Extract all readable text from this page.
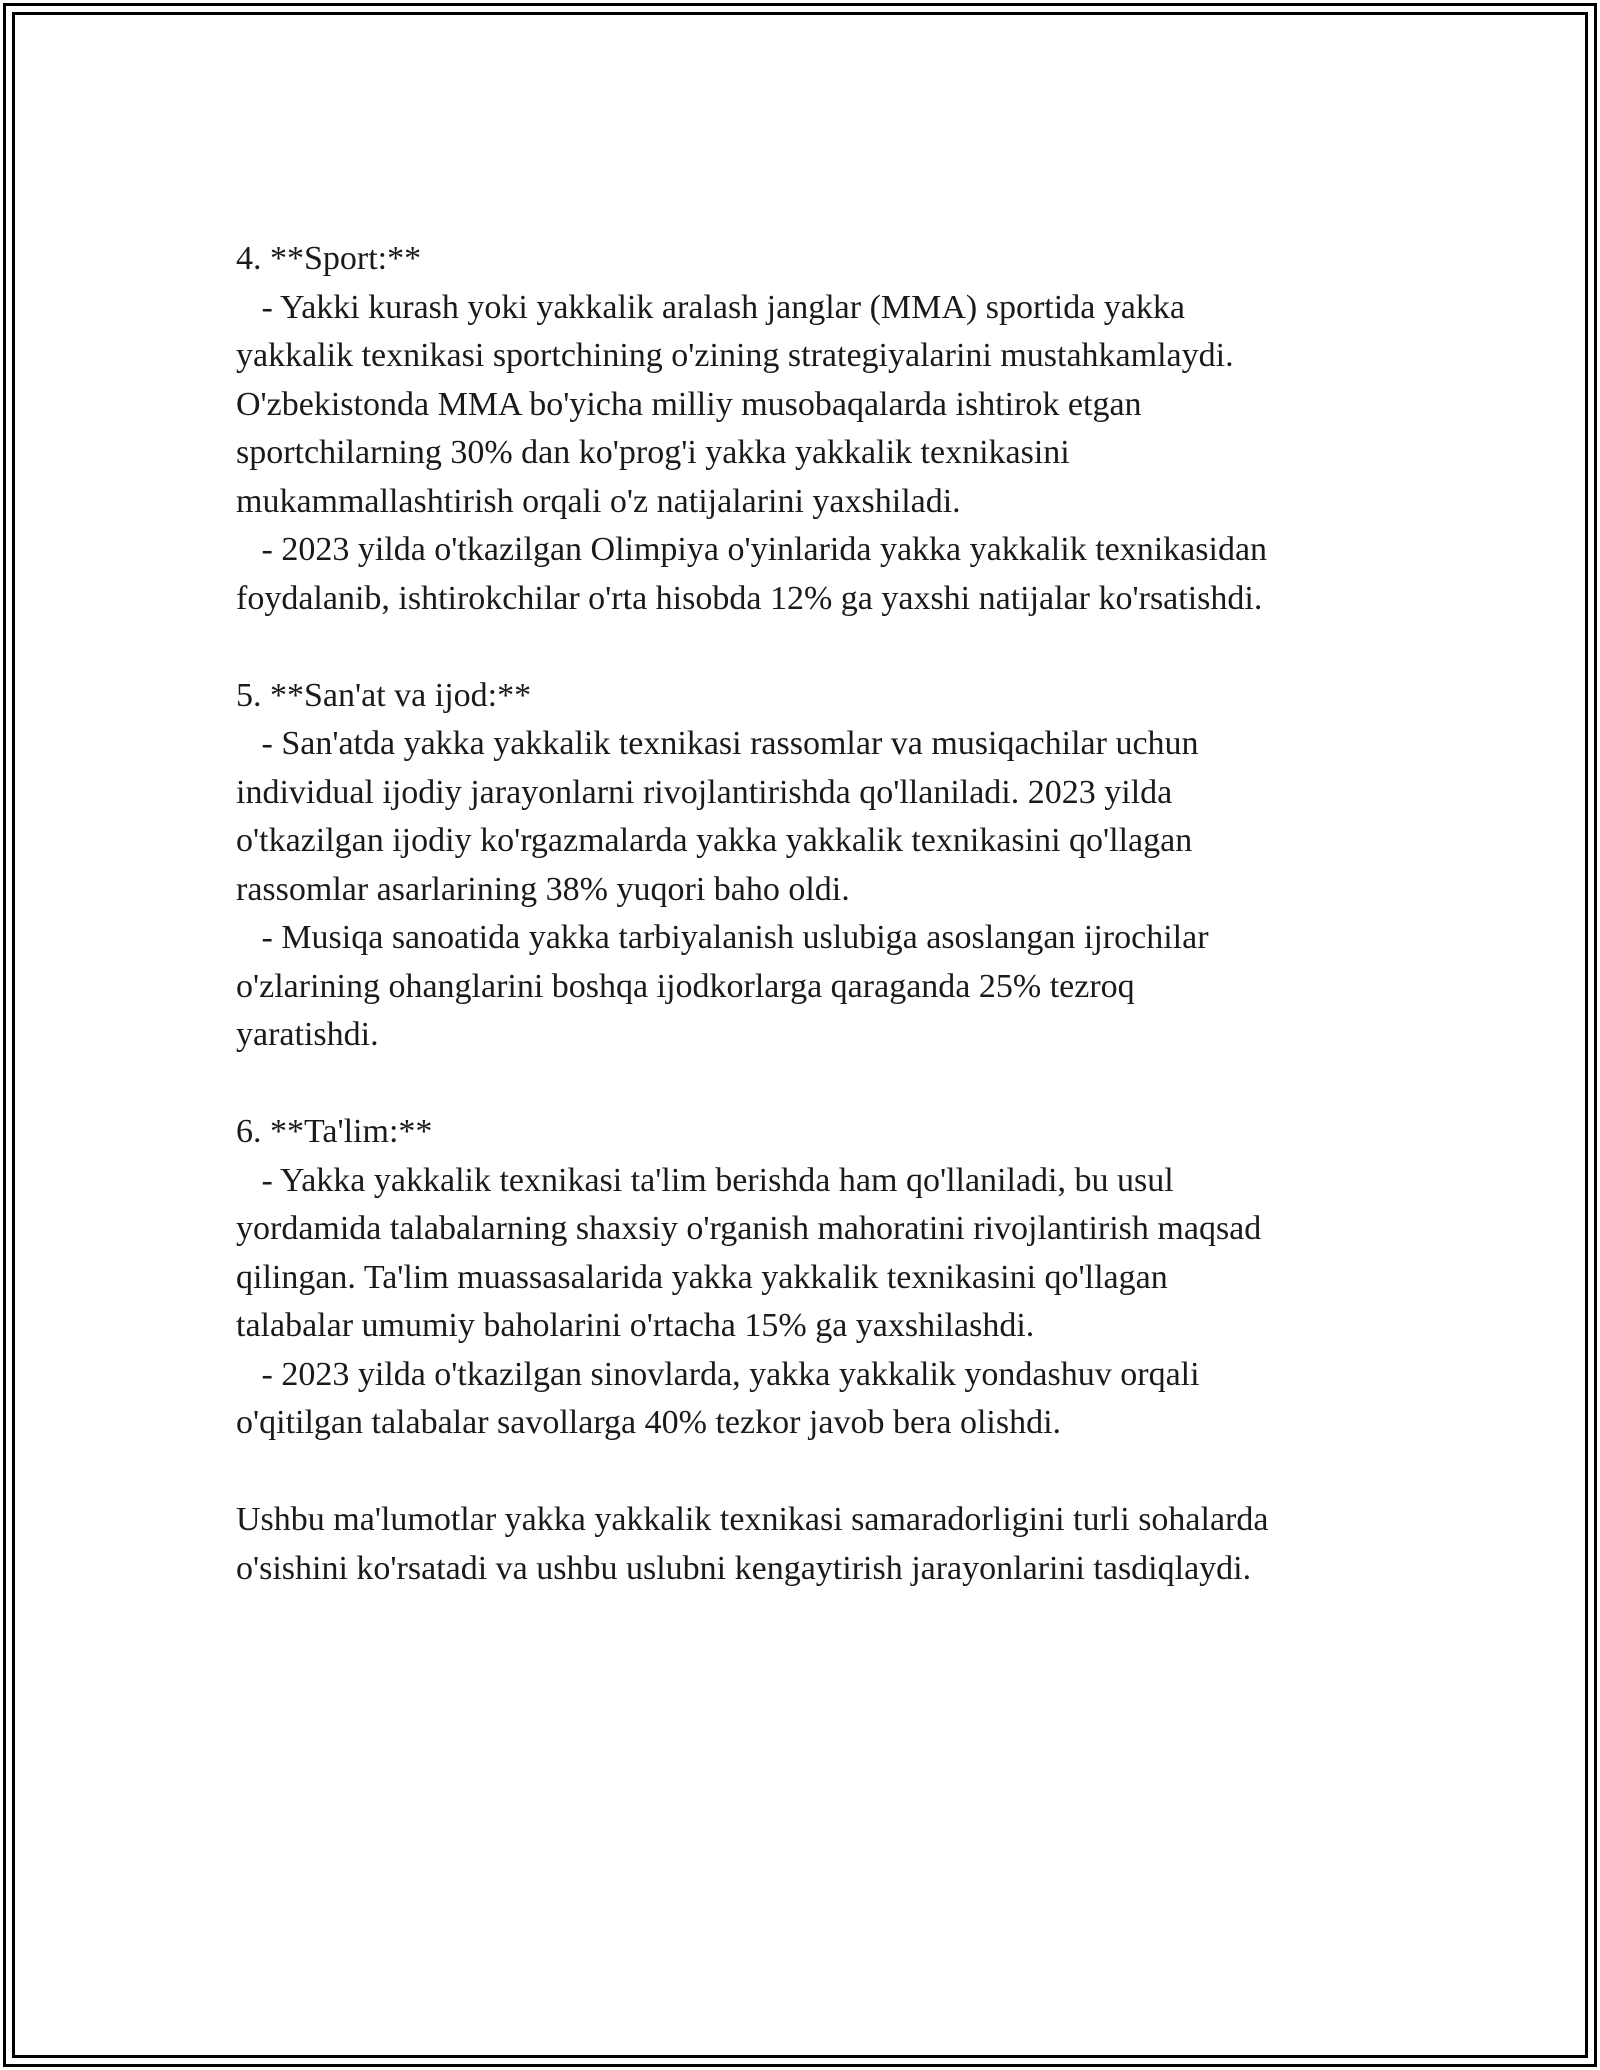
4. **Sport:**
- Yakki kurash yoki yakkalik aralash janglar (MMA) sportida yakka
yakkalik texnikasi sportchining o'zining strategiyalarini mustahkamlaydi.
O'zbekistonda MMA bo'yicha milliy musobaqalarda ishtirok etgan
sportchilarning 30% dan ko'prog'i yakka yakkalik texnikasini
mukammallashtirish orqali o'z natijalarini yaxshiladi.
- 2023 yilda o'tkazilgan Olimpiya o'yinlarida yakka yakkalik texnikasidan
foydalanib, ishtirokchilar o'rta hisobda 12% ga yaxshi natijalar ko'rsatishdi.
5. **San'at va ijod:**
- San'atda yakka yakkalik texnikasi rassomlar va musiqachilar uchun
individual ijodiy jarayonlarni rivojlantirishda qo'llaniladi. 2023 yilda
o'tkazilgan ijodiy ko'rgazmalarda yakka yakkalik texnikasini qo'llagan
rassomlar asarlarining 38% yuqori baho oldi.
- Musiqa sanoatida yakka tarbiyalanish uslubiga asoslangan ijrochilar
o'zlarining ohanglarini boshqa ijodkorlarga qaraganda 25% tezroq
yaratishdi.
6. **Ta'lim:**
- Yakka yakkalik texnikasi ta'lim berishda ham qo'llaniladi, bu usul
yordamida talabalarning shaxsiy o'rganish mahoratini rivojlantirish maqsad
qilingan. Ta'lim muassasalarida yakka yakkalik texnikasini qo'llagan
talabalar umumiy baholarini o'rtacha 15% ga yaxshilashdi.
- 2023 yilda o'tkazilgan sinovlarda, yakka yakkalik yondashuv orqali
o'qitilgan talabalar savollarga 40% tezkor javob bera olishdi.
Ushbu ma'lumotlar yakka yakkalik texnikasi samaradorligini turli sohalarda
o'sishini ko'rsatadi va ushbu uslubni kengaytirish jarayonlarini tasdiqlaydi.
